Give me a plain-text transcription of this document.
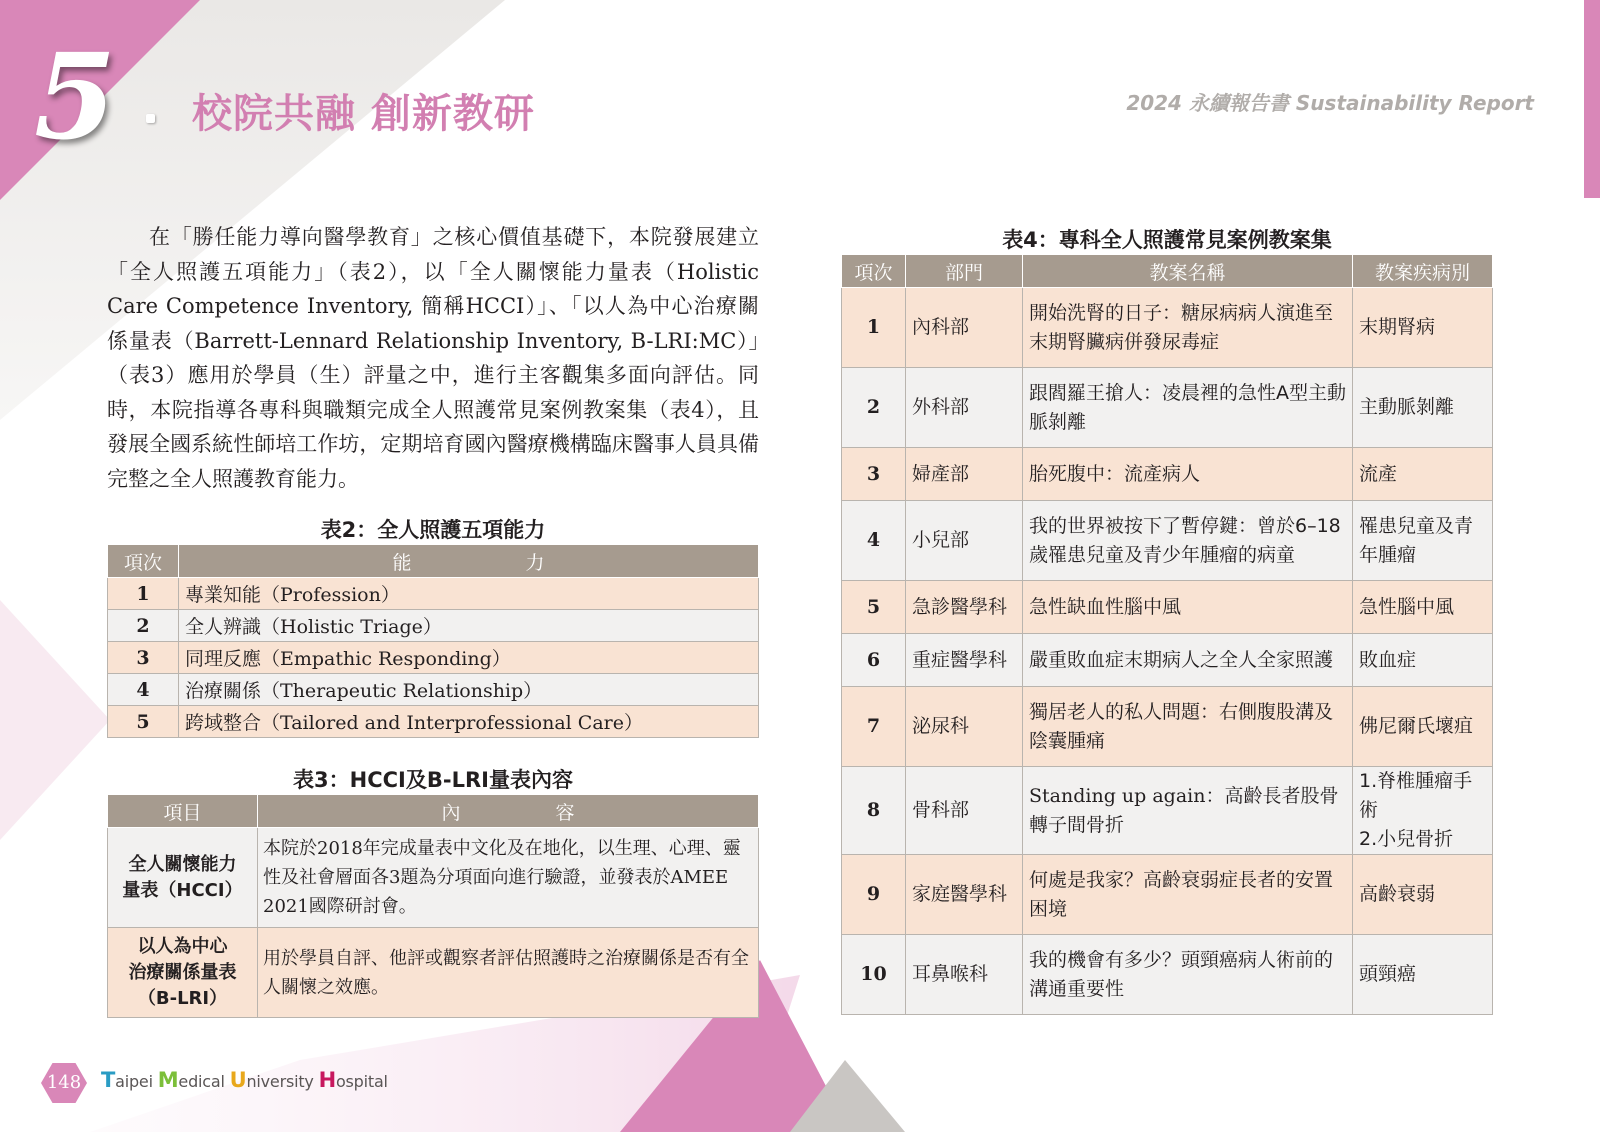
5 校院共融 創新教研	2024 永續報告書 Sustainability Report

在「勝任能力導向醫學教育」之核心價值基礎下，本院發展建立「全人照護五項能力」（表2），以「全人關懷能力量表（Holistic Care Competence Inventory, 簡稱HCCI）」、「以人為中心治療關係量表（Barrett-Lennard Relationship Inventory, B-LRI:MC）」（表3）應用於學員（生）評量之中，進行主客觀集多面向評估。同時，本院指導各專科與職類完成全人照護常見案例教案集（表4），且發展全國系統性師培工作坊，定期培育國內醫療機構臨床醫事人員具備完整之全人照護教育能力。

表2：全人照護五項能力
項次	能　　　　　　力
1	專業知能（Profession）
2	全人辨識（Holistic Triage）
3	同理反應（Empathic Responding）
4	治療關係（Therapeutic Relationship）
5	跨域整合（Tailored and Interprofessional Care）
表3：HCCI及B-LRI量表內容
項目	內　　　　　容

全人關懷能力
量表（HCCI）	本院於2018年完成量表中文化及在地化，以生理、心理、靈性及社會層面各3題為分項面向進行驗證，並發表於AMEE 2021國際研討會。

以人為中心
治療關係量表
（B-LRI）	用於學員自評、他評或觀察者評估照護時之治療關係是否有全人關懷之效應。
表4：專科全人照護常見案例教案集
項次	部門	教案名稱	教案疾病別
1	內科部	開始洗腎的日子：糖尿病病人演進至末期腎臟病併發尿毒症	末期腎病
2	外科部	跟閻羅王搶人：凌晨裡的急性A型主動脈剝離	主動脈剝離
3	婦產部	胎死腹中：流產病人	流產
4	小兒部	我的世界被按下了暫停鍵：曾於6–18歲罹患兒童及青少年腫瘤的病童	罹患兒童及青年腫瘤
5	急診醫學科	急性缺血性腦中風	急性腦中風
6	重症醫學科	嚴重敗血症末期病人之全人全家照護	敗血症
7	泌尿科	獨居老人的私人問題：右側腹股溝及陰囊腫痛	佛尼爾氏壞疽
8	骨科部	Standing up again：高齡長者股骨轉子間骨折	1.脊椎腫瘤手術
2.小兒骨折

9	家庭醫學科	何處是我家？高齡衰弱症長者的安置困境	高齡衰弱
10	耳鼻喉科	我的機會有多少？頭頸癌病人術前的溝通重要性	頭頸癌
148 Taipei Medical University Hospital
